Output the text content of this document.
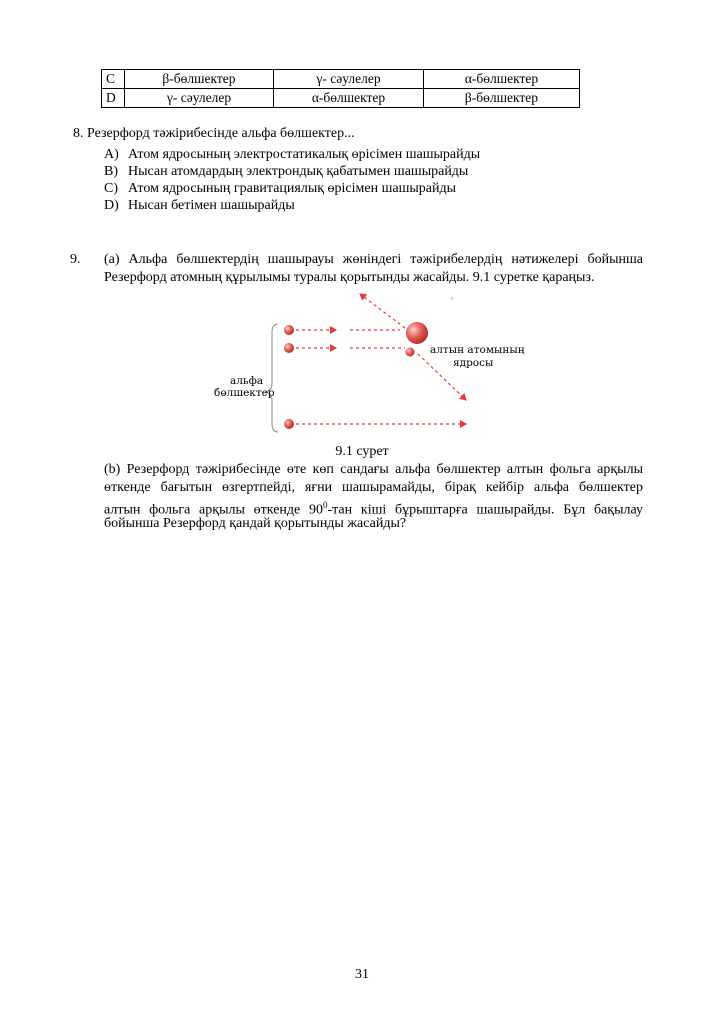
C	β-бөлшектер	γ- сәулелер	α-бөлшектер
D	γ- сәулелер	α-бөлшектер	β-бөлшектер
8. Резерфорд тәжірибесінде альфа бөлшектер...
A) Атом ядросының электростатикалық өрісімен шашырайды
B) Нысан атомдардың электрондық қабатымен шашырайды
C) Атом ядросының гравитациялық өрісімен шашырайды
D) Нысан бетімен шашырайды
9. (a) Альфа бөлшектердің шашырауы жөніндегі тәжірибелердің нәтижелері бойынша
Резерфорд атомның құрылымы туралы қорытынды жасайды. 9.1 суретке қараңыз.
альфа
бөлшектер
алтын атомының
ядросы
9.1 сурет
(b) Резерфорд тәжірибесінде өте көп сандағы альфа бөлшектер алтын фольга арқылы
өткенде бағытын өзгертпейді, яғни шашырамайды, бірақ кейбір альфа бөлшектер
алтын фольга арқылы өткенде $90^0$-тан кіші бұрыштарға шашырайды. Бұл бақылау
бойынша Резерфорд қандай қорытынды жасайды?
31
